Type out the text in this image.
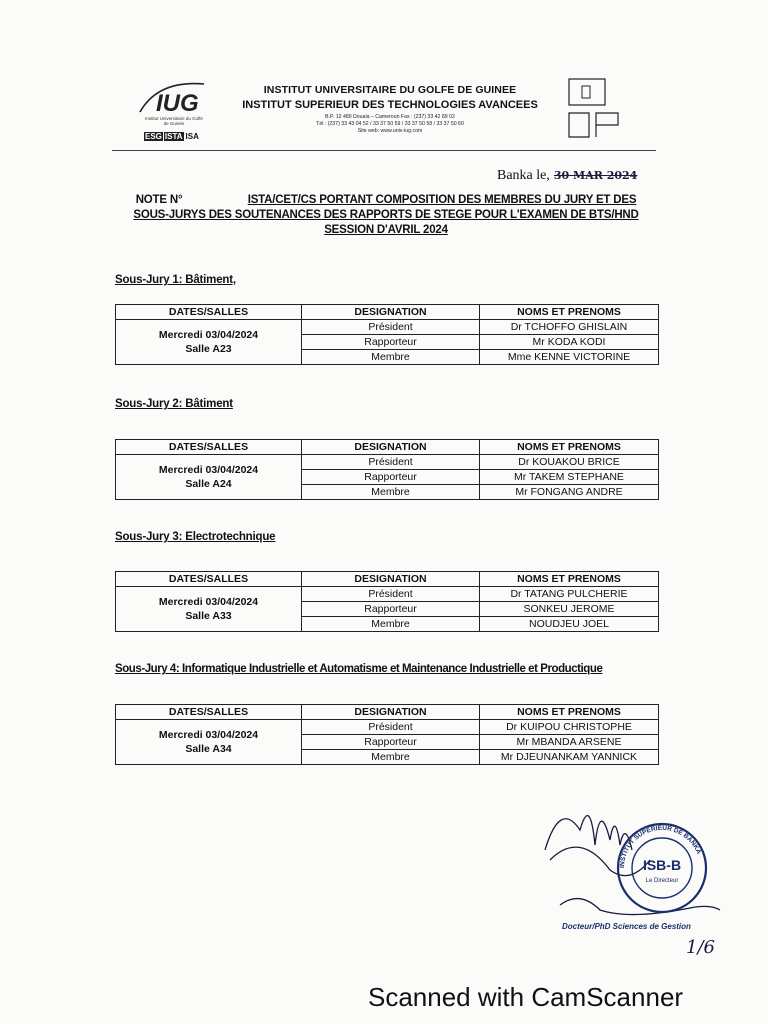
IUG
Institut Universitaire du Golfe de Guinée
ESG ISTA ISA
INSTITUT UNIVERSITAIRE DU GOLFE DE GUINEE
INSTITUT SUPERIEUR DES TECHNOLOGIES AVANCEES
B.P. 12 489 Douala – Cameroun Fax : (237) 33 42 89 02
Tél : (237) 33 43 04 52 / 33 37 50 59 / 33 37 50 58 / 33 37 50 60
Site web: www.univ-iug.com
Banka le, 30 MAR 2024
NOTE N°	ISTA/CET/CS PORTANT COMPOSITION DES MEMBRES DU JURY ET DES
SOUS-JURYS DES SOUTENANCES DES RAPPORTS DE STEGE POUR L'EXAMEN DE BTS/HND
SESSION D'AVRIL 2024
Sous-Jury 1: Bâtiment,
DATES/SALLES	DESIGNATION	NOMS ET PRENOMS

Mercredi 03/04/2024
Salle A23	Président	Dr TCHOFFO GHISLAIN
	Rapporteur	Mr KODA KODI
	Membre	Mme KENNE VICTORINE
Sous-Jury 2: Bâtiment
DATES/SALLES	DESIGNATION	NOMS ET PRENOMS

Mercredi 03/04/2024
Salle A24	Président	Dr KOUAKOU BRICE
	Rapporteur	Mr TAKEM STEPHANE
	Membre	Mr FONGANG ANDRE
Sous-Jury 3: Electrotechnique
DATES/SALLES	DESIGNATION	NOMS ET PRENOMS

Mercredi 03/04/2024
Salle A33	Président	Dr TATANG PULCHERIE
	Rapporteur	SONKEU JEROME
	Membre	NOUDJEU JOEL
Sous-Jury 4: Informatique Industrielle et Automatisme et Maintenance Industrielle et Productique
DATES/SALLES	DESIGNATION	NOMS ET PRENOMS

Mercredi 03/04/2024
Salle A34	Président	Dr KUIPOU CHRISTOPHE
	Rapporteur	Mr MBANDA ARSENE
	Membre	Mr DJEUNANKAM YANNICK
INSTITUT SUPERIEUR DE BANKA
ISB-B
Le Directeur
Docteur/PhD Sciences de Gestion
1/6
Scanned with CamScanner
